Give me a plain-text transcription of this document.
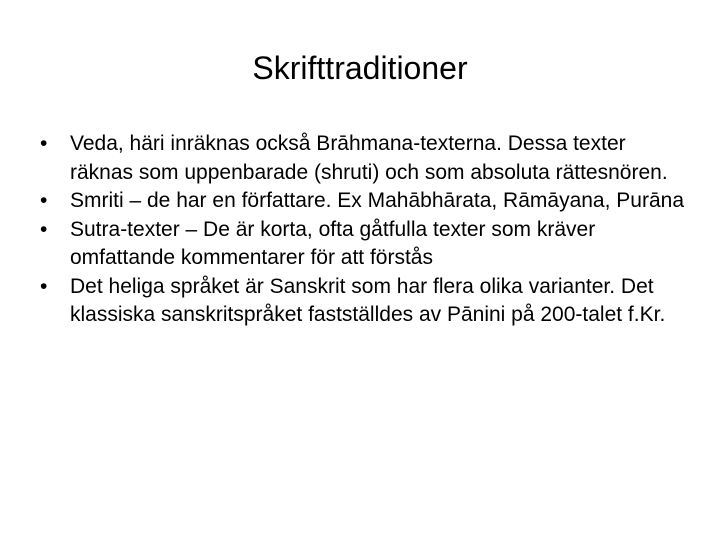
Skrifttraditioner
•	Veda, häri inräknas också Brāhmana-texterna. Dessa texter räknas som uppenbarade (shruti) och som absoluta rättesnören.
•	Smriti – de har en författare. Ex Mahābhārata, Rāmāyana, Purāna
•	Sutra-texter – De är korta, ofta gåtfulla texter som kräver omfattande kommentarer för att förstås
•	Det heliga språket är Sanskrit som har flera olika varianter. Det klassiska sanskritspråket fastställdes av Pānini på 200-talet f.Kr.
